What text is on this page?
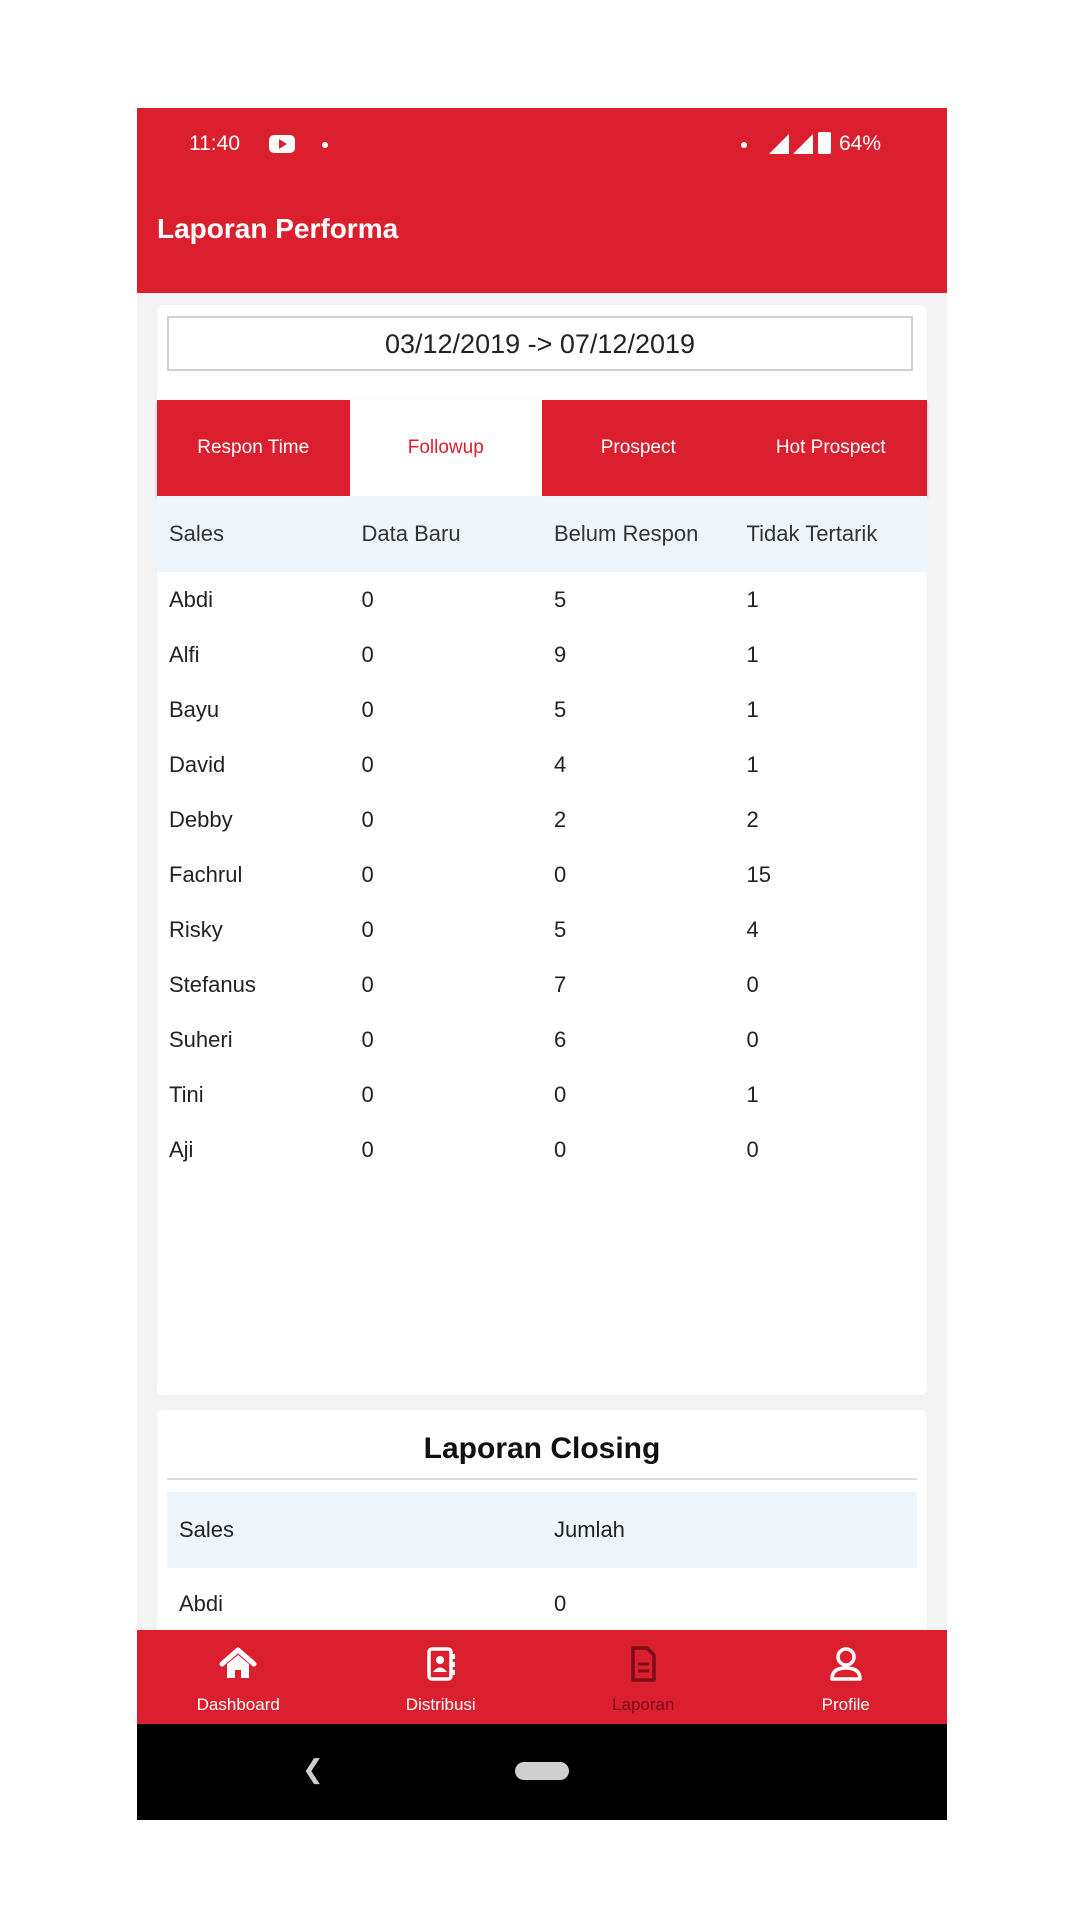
11:40	64%
Laporan Performa
03/12/2019 -> 07/12/2019
Respon Time	Followup	Prospect	Hot Prospect
Sales	Data Baru	Belum Respon	Tidak Tertarik
Abdi	0	5	1
Alfi	0	9	1
Bayu	0	5	1
David	0	4	1
Debby	0	2	2
Fachrul	0	0	15
Risky	0	5	4
Stefanus	0	7	0
Suheri	0	6	0
Tini	0	0	1
Aji	0	0	0
Laporan Closing
Sales	Jumlah
Abdi	0
Dashboard	Distribusi	Laporan	Profile
❮
